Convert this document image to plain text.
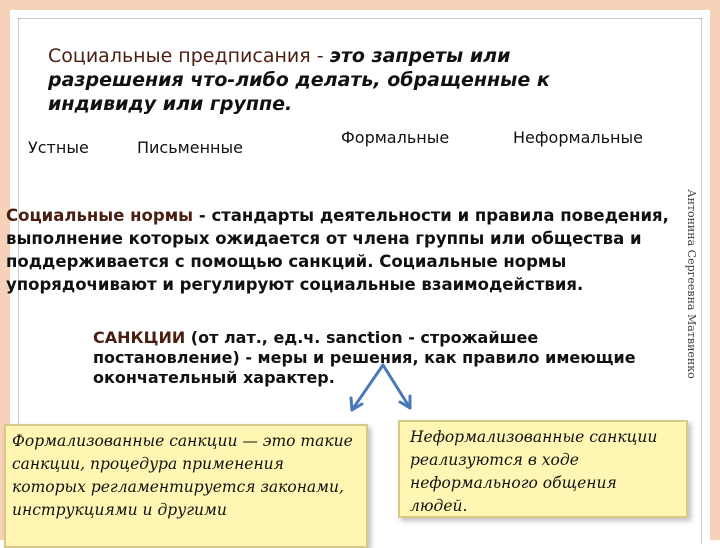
Социальные предписания - это запреты или разрешения что-либо делать, обращенные к индивиду или группе.
Устные	Письменные
Формальные	Неформальные
Социальные нормы - стандарты деятельности и правила поведения, выполнение которых ожидается от члена группы или общества и поддерживается с помощью санкций. Социальные нормы упорядочивают и регулируют социальные взаимодействия.	Антонина Сергеевна Матвиенко
САНКЦИИ (от лат., ед.ч. sanction - строжайшее постановление) - меры и решения, как правило имеющие окончательный характер.
Формализованные санкции — это такие санкции, процедура применения которых регламентируется законами, инструкциями и другими
Неформализованные санкции реализуются в ходе неформального общения людей.
